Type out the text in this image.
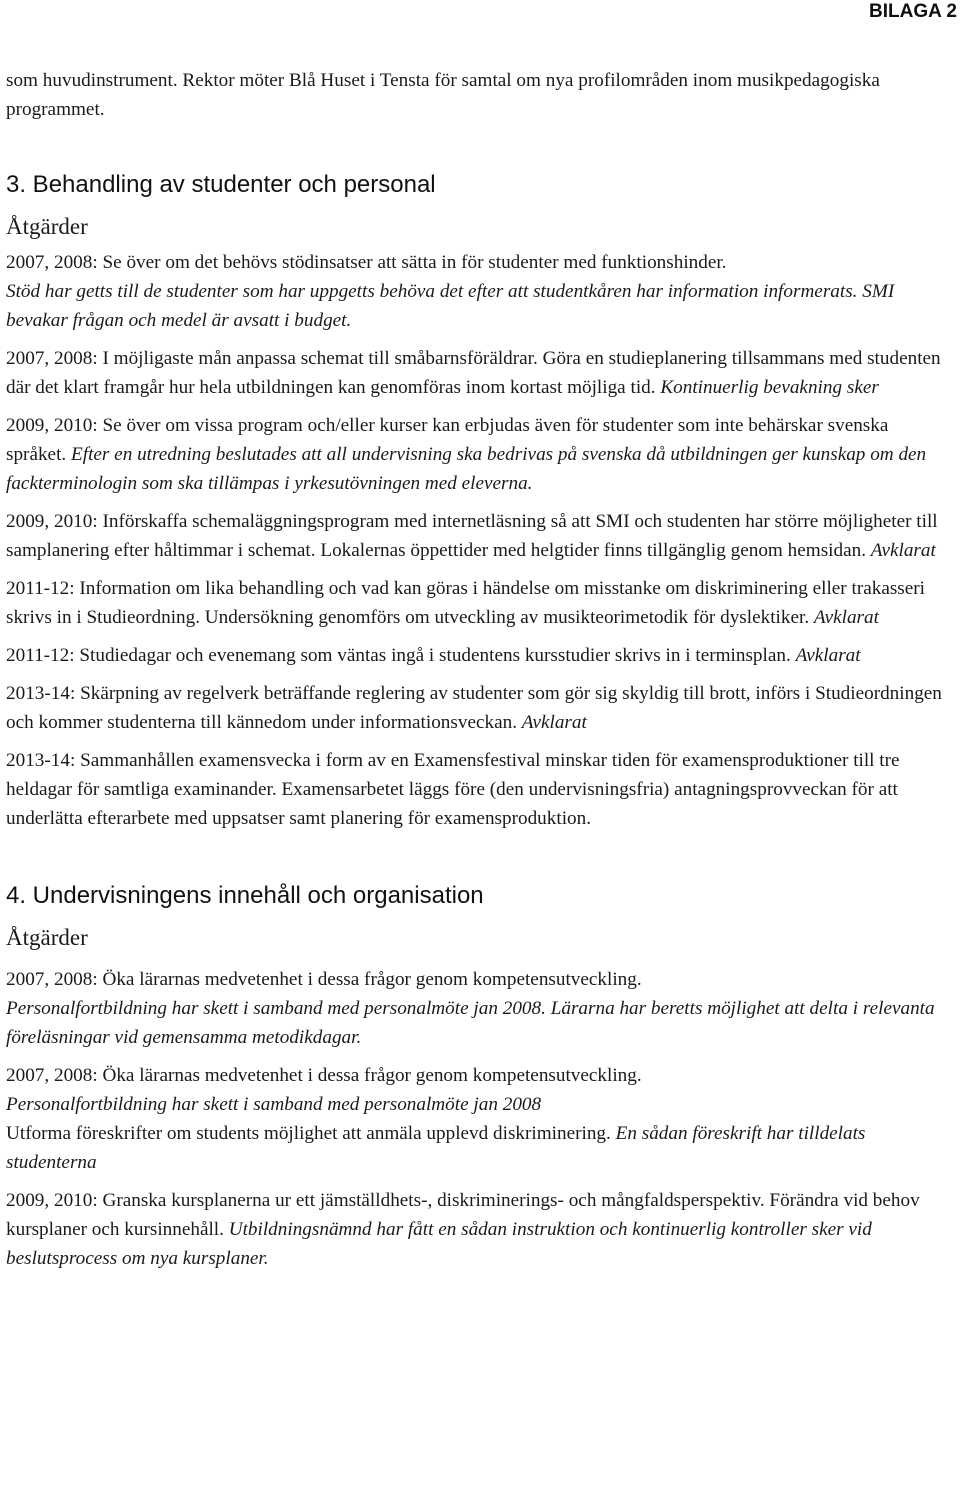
BILAGA 2

som huvudinstrument. Rektor möter Blå Huset i Tensta för samtal om nya profilområden inom musikpedagogiska programmet.

3. Behandling av studenter och personal
Åtgärder

2007, 2008: Se över om det behövs stödinsatser att sätta in för studenter med funktionshinder.
Stöd har getts till de studenter som har uppgetts behöva det efter att studentkåren har information informerats. SMI bevakar frågan och medel är avsatt i budget.

2007, 2008: I möjligaste mån anpassa schemat till småbarnsföräldrar. Göra en studieplanering tillsammans med studenten där det klart framgår hur hela utbildningen kan genomföras inom kortast möjliga tid. Kontinuerlig bevakning sker

2009, 2010: Se över om vissa program och/eller kurser kan erbjudas även för studenter som inte behärskar svenska språket. Efter en utredning beslutades att all undervisning ska bedrivas på svenska då utbildningen ger kunskap om den fackterminologin som ska tillämpas i yrkesutövningen med eleverna.

2009, 2010: Införskaffa schemaläggningsprogram med internetläsning så att SMI och studenten har större möjligheter till samplanering efter håltimmar i schemat. Lokalernas öppettider med helgtider finns tillgänglig genom hemsidan. Avklarat

2011-12: Information om lika behandling och vad kan göras i händelse om misstanke om diskriminering eller trakasseri skrivs in i Studieordning. Undersökning genomförs om utveckling av musikteorimetodik för dyslektiker. Avklarat

2011-12: Studiedagar och evenemang som väntas ingå i studentens kursstudier skrivs in i terminsplan. Avklarat

2013-14: Skärpning av regelverk beträffande reglering av studenter som gör sig skyldig till brott, införs i Studieordningen och kommer studenterna till kännedom under informationsveckan. Avklarat

2013-14: Sammanhållen examensvecka i form av en Examensfestival minskar tiden för examensproduktioner till tre heldagar för samtliga examinander. Examensarbetet läggs före (den undervisningsfria) antagningsprovveckan för att underlätta efterarbete med uppsatser samt planering för examensproduktion.

4. Undervisningens innehåll och organisation
Åtgärder

2007, 2008: Öka lärarnas medvetenhet i dessa frågor genom kompetensutveckling.
Personalfortbildning har skett i samband med personalmöte jan 2008. Lärarna har beretts möjlighet att delta i relevanta föreläsningar vid gemensamma metodikdagar.

2007, 2008: Öka lärarnas medvetenhet i dessa frågor genom kompetensutveckling.
Personalfortbildning har skett i samband med personalmöte jan 2008
Utforma föreskrifter om students möjlighet att anmäla upplevd diskriminering. En sådan föreskrift har tilldelats studenterna

2009, 2010: Granska kursplanerna ur ett jämställdhets-, diskriminerings- och mångfaldsperspektiv. Förändra vid behov kursplaner och kursinnehåll. Utbildningsnämnd har fått en sådan instruktion och kontinuerlig kontroller sker vid beslutsprocess om nya kursplaner.
